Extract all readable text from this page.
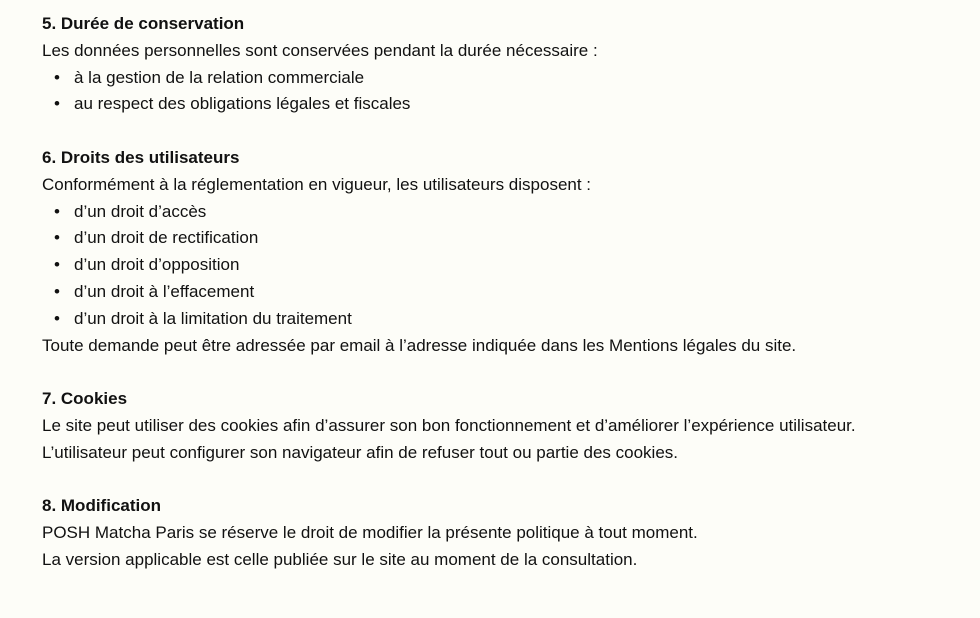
5. Durée de conservation

Les données personnelles sont conservées pendant la durée nécessaire :

• à la gestion de la relation commerciale
• au respect des obligations légales et fiscales

6. Droits des utilisateurs

Conformément à la réglementation en vigueur, les utilisateurs disposent :

• d’un droit d’accès
• d’un droit de rectification
• d’un droit d’opposition
• d’un droit à l’effacement
• d’un droit à la limitation du traitement

Toute demande peut être adressée par email à l’adresse indiquée dans les Mentions légales du site.

7. Cookies

Le site peut utiliser des cookies afin d’assurer son bon fonctionnement et d’améliorer l’expérience utilisateur.

L’utilisateur peut configurer son navigateur afin de refuser tout ou partie des cookies.

8. Modification

POSH Matcha Paris se réserve le droit de modifier la présente politique à tout moment.

La version applicable est celle publiée sur le site au moment de la consultation.
